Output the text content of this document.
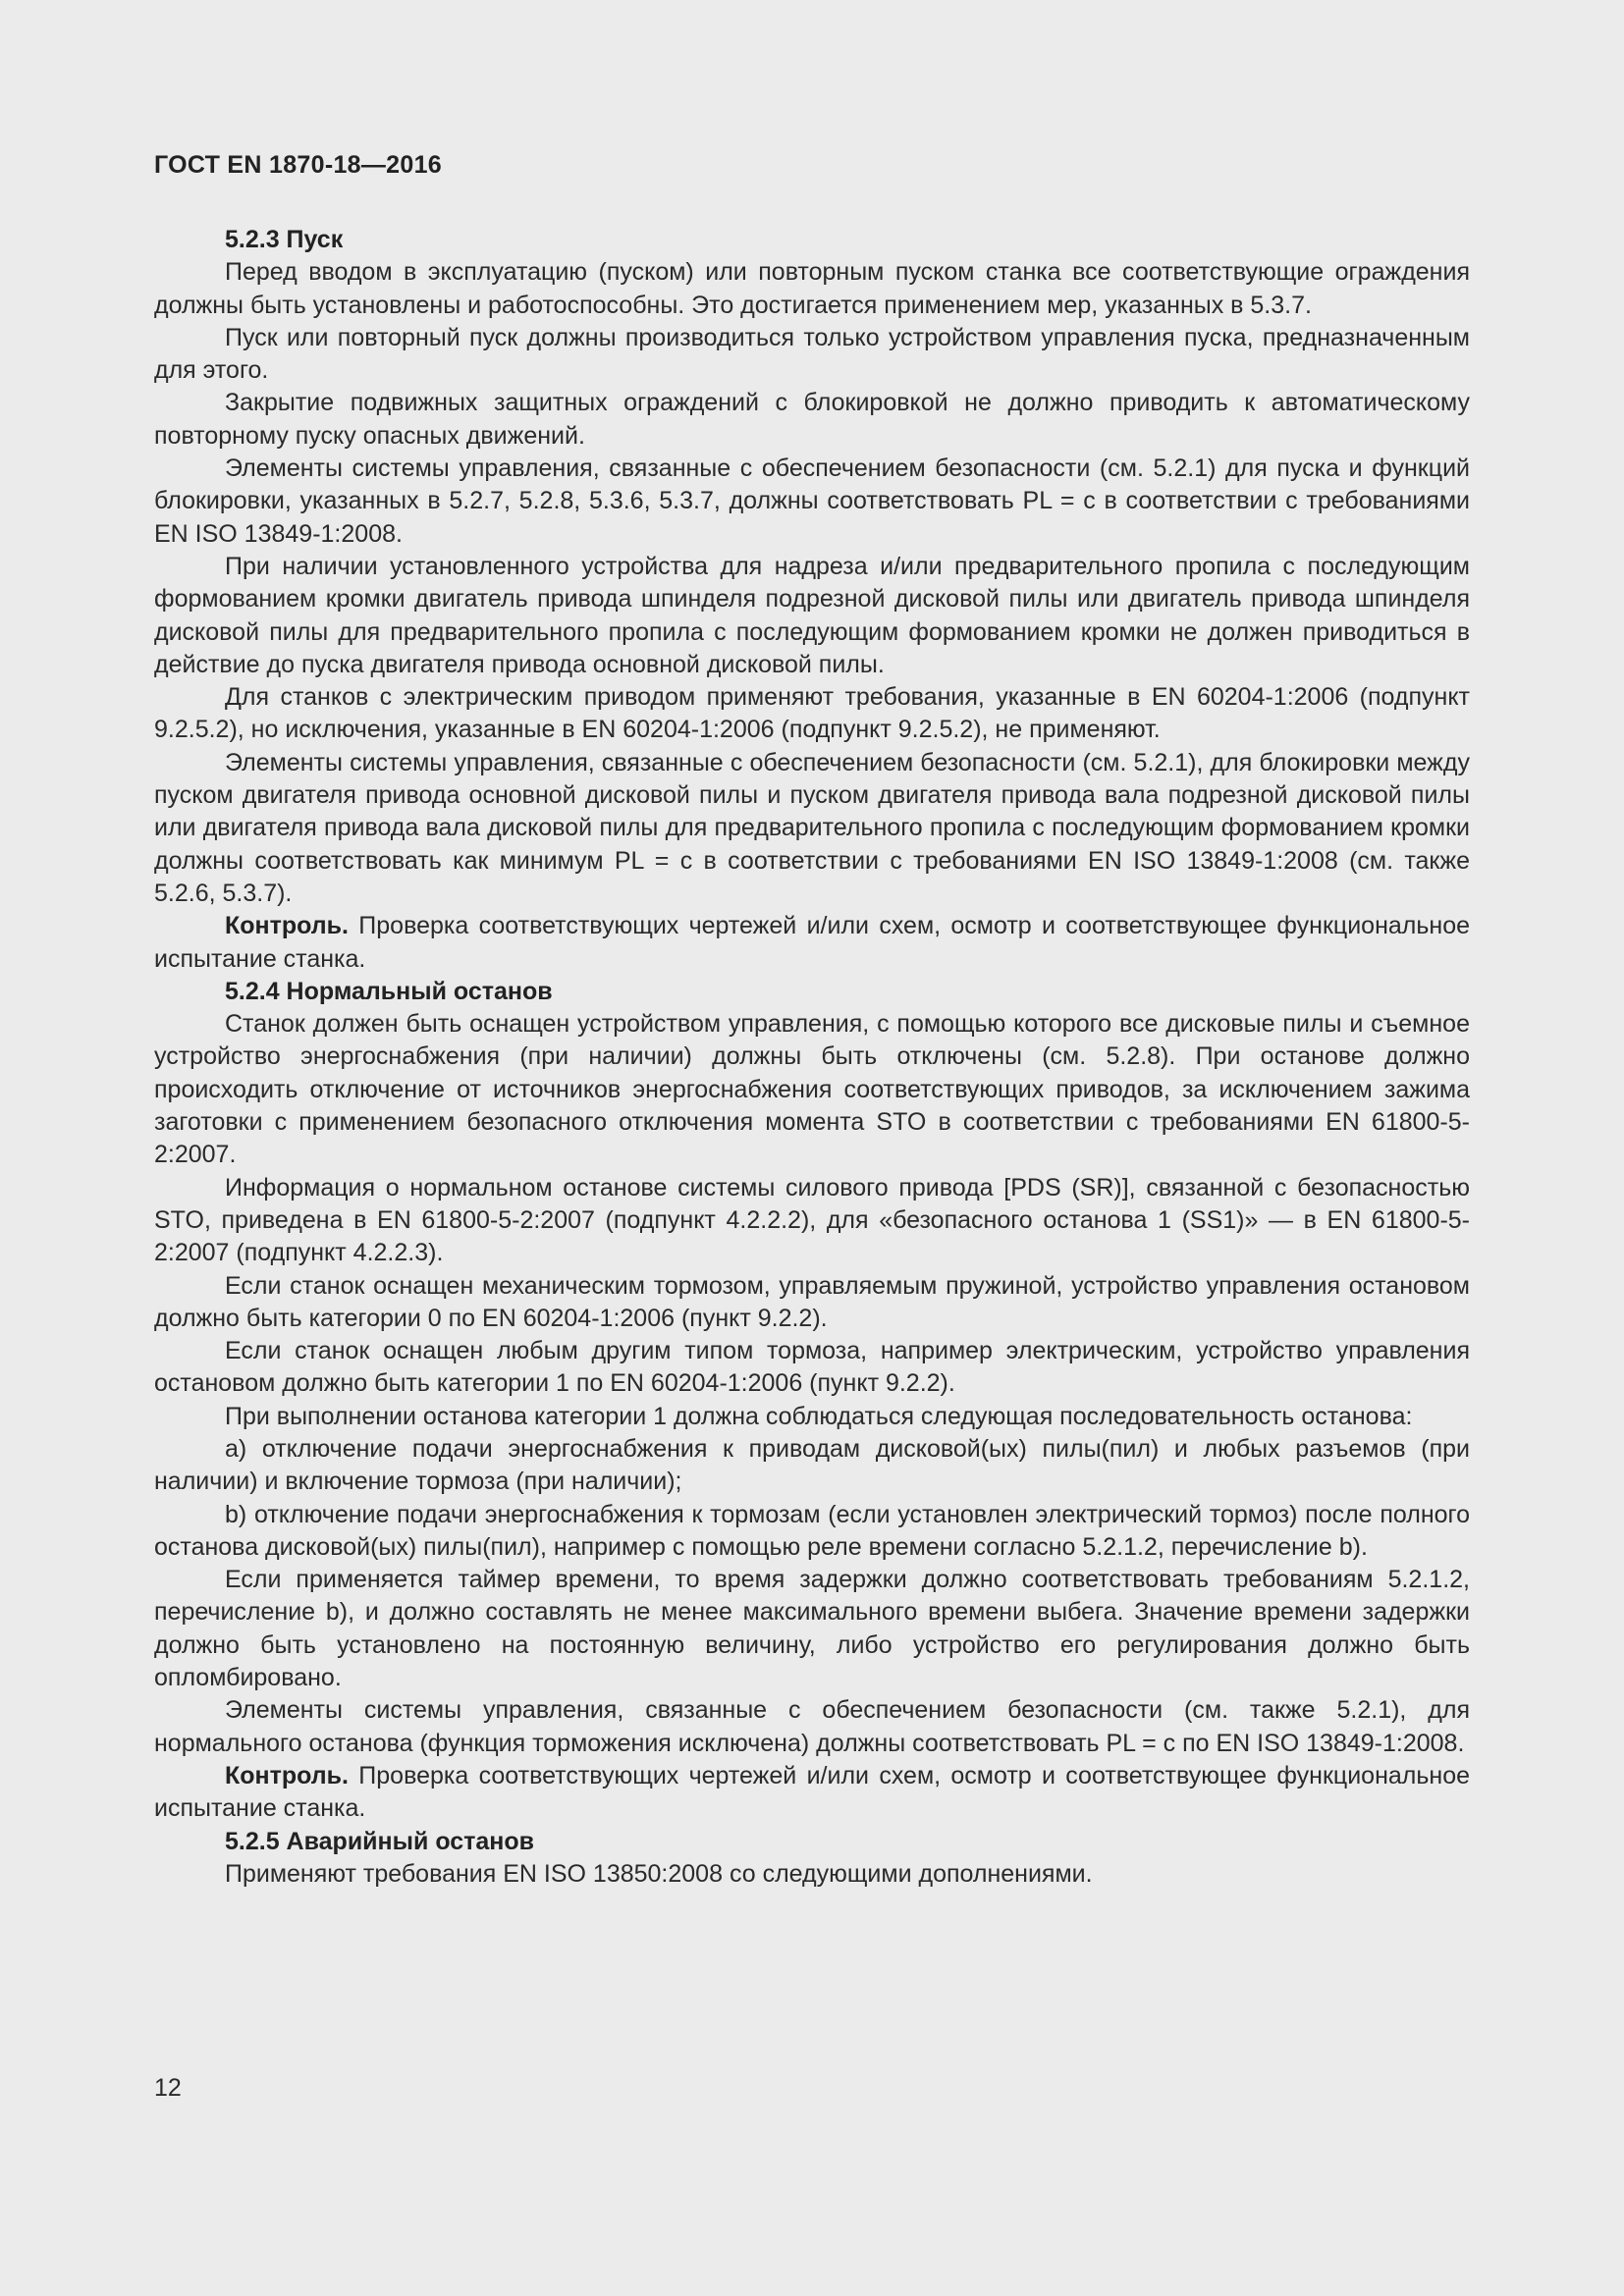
ГОСТ EN 1870-18—2016

5.2.3 Пуск

Перед вводом в эксплуатацию (пуском) или повторным пуском станка все соответствующие ограждения должны быть установлены и работоспособны. Это достигается применением мер, указанных в 5.3.7.

Пуск или повторный пуск должны производиться только устройством управления пуска, предназначенным для этого.

Закрытие подвижных защитных ограждений с блокировкой не должно приводить к автоматическому повторному пуску опасных движений.

Элементы системы управления, связанные с обеспечением безопасности (см. 5.2.1) для пуска и функций блокировки, указанных в 5.2.7, 5.2.8, 5.3.6, 5.3.7, должны соответствовать PL = с в соответствии с требованиями EN ISO 13849-1:2008.

При наличии установленного устройства для надреза и/или предварительного пропила с последующим формованием кромки двигатель привода шпинделя подрезной дисковой пилы или двигатель привода шпинделя дисковой пилы для предварительного пропила с последующим формованием кромки не должен приводиться в действие до пуска двигателя привода основной дисковой пилы.

Для станков с электрическим приводом применяют требования, указанные в EN 60204-1:2006 (подпункт 9.2.5.2), но исключения, указанные в EN 60204-1:2006 (подпункт 9.2.5.2), не применяют.

Элементы системы управления, связанные с обеспечением безопасности (см. 5.2.1), для блокировки между пуском двигателя привода основной дисковой пилы и пуском двигателя привода вала подрезной дисковой пилы или двигателя привода вала дисковой пилы для предварительного пропила с последующим формованием кромки должны соответствовать как минимум PL = с в соответствии с требованиями EN ISO 13849-1:2008 (см. также 5.2.6, 5.3.7).

Контроль. Проверка соответствующих чертежей и/или схем, осмотр и соответствующее функциональное испытание станка.

5.2.4 Нормальный останов

Станок должен быть оснащен устройством управления, с помощью которого все дисковые пилы и съемное устройство энергоснабжения (при наличии) должны быть отключены (см. 5.2.8). При останове должно происходить отключение от источников энергоснабжения соответствующих приводов, за исключением зажима заготовки с применением безопасного отключения момента STO в соответствии с требованиями EN 61800-5-2:2007.

Информация о нормальном останове системы силового привода [PDS (SR)], связанной с безопасностью STO, приведена в EN 61800-5-2:2007 (подпункт 4.2.2.2), для «безопасного останова 1 (SS1)» — в EN 61800-5-2:2007 (подпункт 4.2.2.3).

Если станок оснащен механическим тормозом, управляемым пружиной, устройство управления остановом должно быть категории 0 по EN 60204-1:2006 (пункт 9.2.2).

Если станок оснащен любым другим типом тормоза, например электрическим, устройство управления остановом должно быть категории 1 по EN 60204-1:2006 (пункт 9.2.2).

При выполнении останова категории 1 должна соблюдаться следующая последовательность останова:

а) отключение подачи энергоснабжения к приводам дисковой(ых) пилы(пил) и любых разъемов (при наличии) и включение тормоза (при наличии);

b) отключение подачи энергоснабжения к тормозам (если установлен электрический тормоз) после полного останова дисковой(ых) пилы(пил), например с помощью реле времени согласно 5.2.1.2, перечисление b).

Если применяется таймер времени, то время задержки должно соответствовать требованиям 5.2.1.2, перечисление b), и должно составлять не менее максимального времени выбега. Значение времени задержки должно быть установлено на постоянную величину, либо устройство его регулирования должно быть опломбировано.

Элементы системы управления, связанные с обеспечением безопасности (см. также 5.2.1), для нормального останова (функция торможения исключена) должны соответствовать PL = с по EN ISO 13849-1:2008.

Контроль. Проверка соответствующих чертежей и/или схем, осмотр и соответствующее функциональное испытание станка.

5.2.5 Аварийный останов

Применяют требования EN ISO 13850:2008 со следующими дополнениями.

12
